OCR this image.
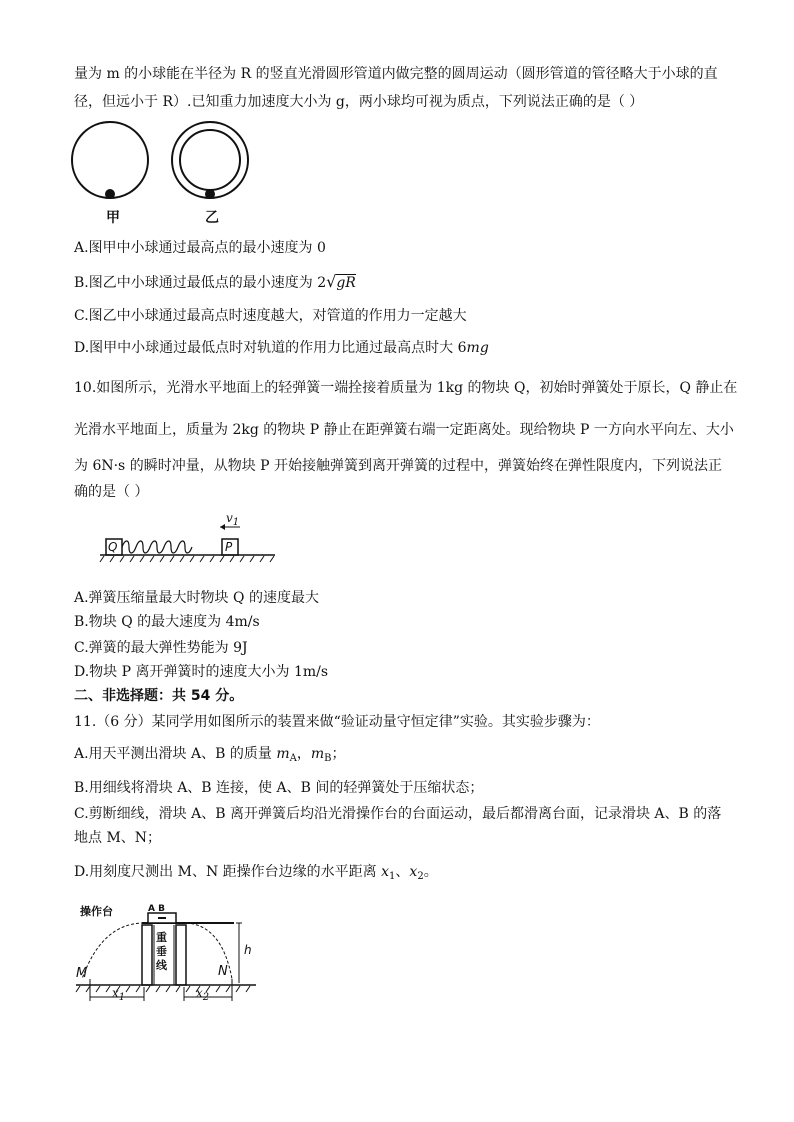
量为 m 的小球能在半径为 R 的竖直光滑圆形管道内做完整的圆周运动（圆形管道的管径略大于小球的直
径，但远小于 R）.已知重力加速度大小为 g，两小球均可视为质点，下列说法正确的是（ ）
甲	乙
A.图甲中小球通过最高点的最小速度为 0
B.图乙中小球通过最低点的最小速度为 2√gR
C.图乙中小球通过最高点时速度越大，对管道的作用力一定越大
D.图甲中小球通过最低点时对轨道的作用力比通过最高点时大 6mg
10.如图所示，光滑水平地面上的轻弹簧一端拴接着质量为 1kg 的物块 Q，初始时弹簧处于原长，Q 静止在
光滑水平地面上，质量为 2kg 的物块 P 静止在距弹簧右端一定距离处。现给物块 P 一方向水平向左、大小
为 6N·s 的瞬时冲量，从物块 P 开始接触弹簧到离开弹簧的过程中，弹簧始终在弹性限度内，下列说法正
确的是（ ）
Q	P
$v_1$
A.弹簧压缩量最大时物块 Q 的速度最大
B.物块 Q 的最大速度为 4m/s
C.弹簧的最大弹性势能为 9J
D.物块 P 离开弹簧时的速度大小为 1m/s
二、非选择题：共 54 分。
11.（6 分）某同学用如图所示的装置来做“验证动量守恒定律”实验。其实验步骤为：
A.用天平测出滑块 A、B 的质量 $m_A$，$m_B$；
B.用细线将滑块 A、B 连接，使 A、B 间的轻弹簧处于压缩状态；
C.剪断细线，滑块 A、B 离开弹簧后均沿光滑操作台的台面运动，最后都滑离台面，记录滑块 A、B 的落
地点 M、N；
D.用刻度尺测出 M、N 距操作台边缘的水平距离 $x_1$、$x_2$。
操作台	A B
重
垂
线
h
M	N
$x_1$	$x_2$
